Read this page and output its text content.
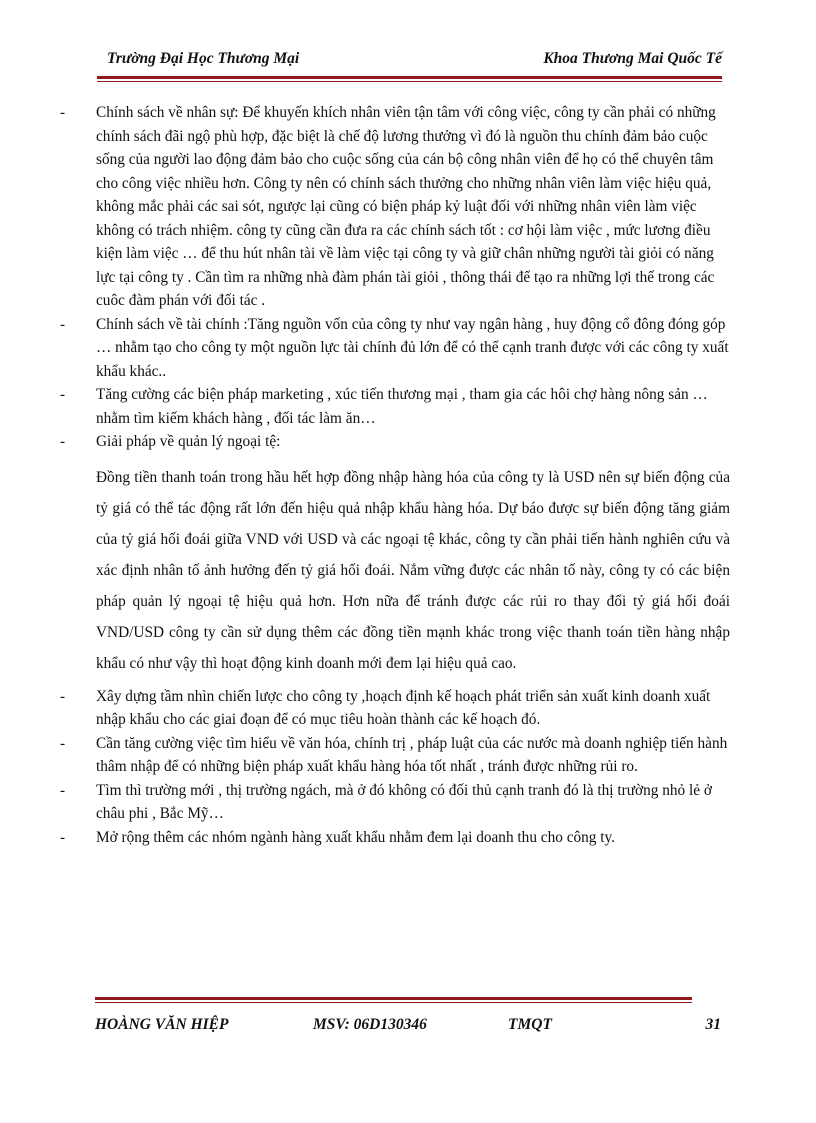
Trường Đại Học Thương Mại	Khoa Thương Mai Quốc Tế
- Chính sách về nhân sự: Để khuyến khích nhân viên tận tâm với công việc, công ty cần phải có những chính sách đãi ngộ phù hợp, đặc biệt là chế độ lương thưởng vì đó là nguồn thu chính đảm bảo cuộc sống của người lao động đảm bảo cho cuộc sống của cán bộ công nhân viên để họ có thể chuyên tâm cho công việc nhiều hơn. Công ty nên có chính sách thưởng cho những nhân viên làm việc hiệu quả, không mắc phải các sai sót, ngược lại cũng có biện pháp kỷ luật đối với những nhân viên làm việc không có trách nhiệm. công ty cũng cần đưa ra các chính sách tốt : cơ hội làm việc , mức lương điều kiện làm việc … để thu hút nhân tài về làm việc tại công ty và giữ chân những người tài giỏi có năng lực tại công ty . Cần tìm ra những nhà đàm phán tài giỏi , thông thái để tạo ra những lợi thế trong các cuôc đàm phán với đối tác .
- Chính sách về tài chính :Tăng nguồn vốn của công ty như vay ngân hàng , huy động cổ đông đóng góp … nhằm tạo cho công ty một nguồn lực tài chính đủ lớn để có thể cạnh tranh được với các công ty xuất khẩu khác..
- Tăng cường các biện pháp marketing , xúc tiến thương mại , tham gia các hôi chợ hàng nông sản … nhằm tìm kiếm khách hàng , đối tác làm ăn…
- Giải pháp về quản lý ngoại tệ:
Đồng tiền thanh toán trong hầu hết hợp đồng nhập hàng hóa của công ty là USD nên sự biến động của tỷ giá có thể tác động rất lớn đến hiệu quả nhập khẩu hàng hóa. Dự báo được sự biến động tăng giảm của tỷ giá hối đoái giữa VND với USD và các ngoại tệ khác, công ty cần phải tiến hành nghiên cứu và xác định nhân tố ảnh hưởng đến tỷ giá hối đoái. Nắm vững được các nhân tố này, công ty có các biện pháp quản lý ngoại tệ hiệu quả hơn. Hơn nữa để tránh được các rủi ro thay đổi tỷ giá hối đoái VND/USD công ty cần sử dụng thêm các đồng tiền mạnh khác trong việc thanh toán tiền hàng nhập khẩu có như vậy thì hoạt động kinh doanh mới đem lại hiệu quả cao.
- Xây dựng tầm nhìn chiến lược cho công ty ,hoạch định kế hoạch phát triển sản xuất kinh doanh xuất nhập khẩu cho các giai đoạn để có mục tiêu hoàn thành các kế hoạch đó.
- Cần tăng cường việc tìm hiểu về văn hóa, chính trị , pháp luật của các nước mà doanh nghiệp tiến hành thâm nhập để có những biện pháp xuất khẩu hàng hóa tốt nhất , tránh được những rủi ro.
- Tìm thì trường mới , thị trường ngách, mà ở đó không có đối thủ cạnh tranh đó là thị trường nhỏ lẻ ở châu phi , Bắc Mỹ…
- Mở rộng thêm các nhóm ngành hàng xuất khẩu nhằm đem lại doanh thu cho công ty.
HOÀNG VĂN HIỆP	MSV: 06D130346	TMQT	31
